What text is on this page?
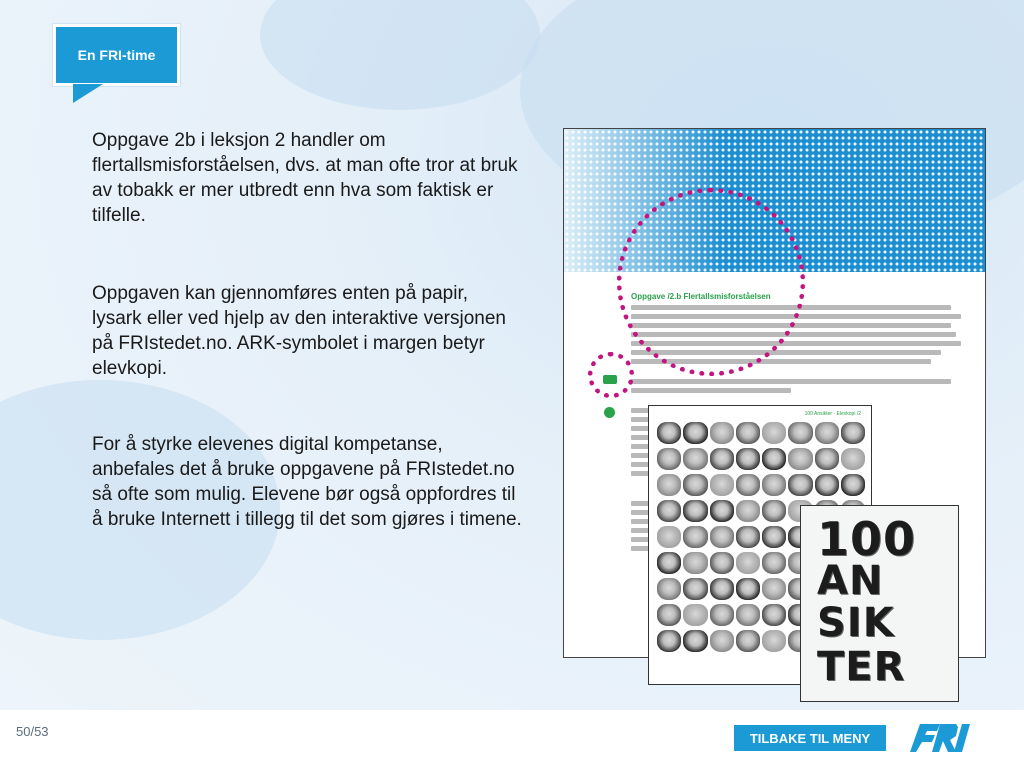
En FRI-time

Oppgave 2b i leksjon 2 handler om flertallsmisforståelsen, dvs. at man ofte tror at bruk av tobakk er mer utbredt enn hva som faktisk er tilfelle.

Oppgaven kan gjennomføres enten på papir, lysark eller ved hjelp av den interaktive versjonen på FRIstedet.no. ARK-symbolet i margen betyr elevkopi.

For å styrke elevenes digital kompetanse, anbefales det å bruke oppgavene på FRIstedet.no så ofte som mulig. Elevene bør også oppfordres til å bruke Internett i tillegg til det som gjøres i timene.

Oppgave /2.b Flertallsmisforståelsen
100 Ansikter · Elevkopi /2
100
AN
SIK
TER
50/53	TILBAKE TIL MENY
